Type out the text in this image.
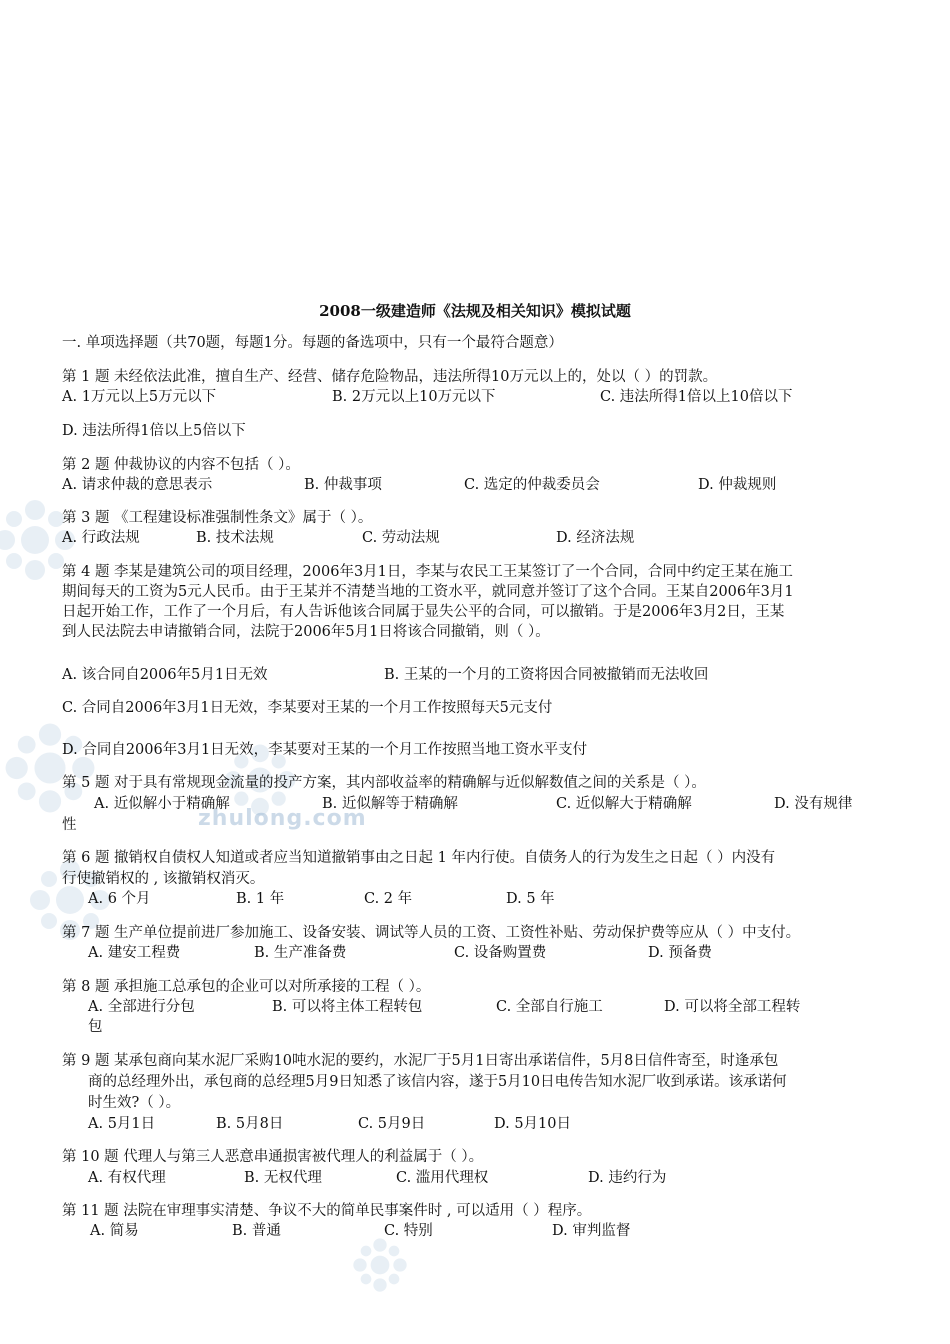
zhulong.com
2008一级建造师《法规及相关知识》模拟试题
一. 单项选择题（共70题，每题1分。每题的备选项中，只有一个最符合题意）
第 1 题 未经依法此准，擅自生产、经营、储存危险物品，违法所得10万元以上的，处以（ ）的罚款。
A. 1万元以上5万元以下	B. 2万元以上10万元以下	C. 违法所得1倍以上10倍以下
D. 违法所得1倍以上5倍以下
第 2 题 仲裁协议的内容不包括（ ）。
A. 请求仲裁的意思表示	B. 仲裁事项	C. 选定的仲裁委员会	D. 仲裁规则
第 3 题 《工程建设标准强制性条文》属于（ ）。
A. 行政法规	B. 技术法规	C. 劳动法规	D. 经济法规
第 4 题 李某是建筑公司的项目经理，2006年3月1日，李某与农民工王某签订了一个合同，合同中约定王某在施工
期间每天的工资为5元人民币。由于王某并不清楚当地的工资水平，就同意并签订了这个合同。王某自2006年3月1
日起开始工作，工作了一个月后，有人告诉他该合同属于显失公平的合同，可以撤销。于是2006年3月2日，王某
到人民法院去申请撤销合同，法院于2006年5月1日将该合同撤销，则（ ）。
A. 该合同自2006年5月1日无效	B. 王某的一个月的工资将因合同被撤销而无法收回
C. 合同自2006年3月1日无效，李某要对王某的一个月工作按照每天5元支付
D. 合同自2006年3月1日无效，李某要对王某的一个月工作按照当地工资水平支付
第 5 题 对于具有常规现金流量的投产方案，其内部收益率的精确解与近似解数值之间的关系是（ ）。
A. 近似解小于精确解	B. 近似解等于精确解	C. 近似解大于精确解	D. 没有规律
性
第 6 题 撤销权自债权人知道或者应当知道撤销事由之日起 1 年内行使。自债务人的行为发生之日起（ ）内没有
行使撤销权的 , 该撤销权消灭。
A. 6 个月	B. 1 年	C. 2 年	D. 5 年
第 7 题 生产单位提前进厂参加施工、设备安装、调试等人员的工资、工资性补贴、劳动保护费等应从（ ）中支付。
A. 建安工程费	B. 生产准备费	C. 设备购置费	D. 预备费
第 8 题 承担施工总承包的企业可以对所承接的工程（ ）。
A. 全部进行分包	B. 可以将主体工程转包	C. 全部自行施工	D. 可以将全部工程转
包
第 9 题 某承包商向某水泥厂采购10吨水泥的要约，水泥厂于5月1日寄出承诺信件，5月8日信件寄至，时逢承包
商的总经理外出，承包商的总经理5月9日知悉了该信内容，遂于5月10日电传告知水泥厂收到承诺。该承诺何
时生效?（ ）。
A. 5月1日	B. 5月8日	C. 5月9日	D. 5月10日
第 10 题 代理人与第三人恶意串通损害被代理人的利益属于（ ）。
A. 有权代理	B. 无权代理	C. 滥用代理权	D. 违约行为
第 11 题 法院在审理事实清楚、争议不大的简单民事案件时 , 可以适用（ ）程序。
A. 简易	B. 普通	C. 特别	D. 审判监督
